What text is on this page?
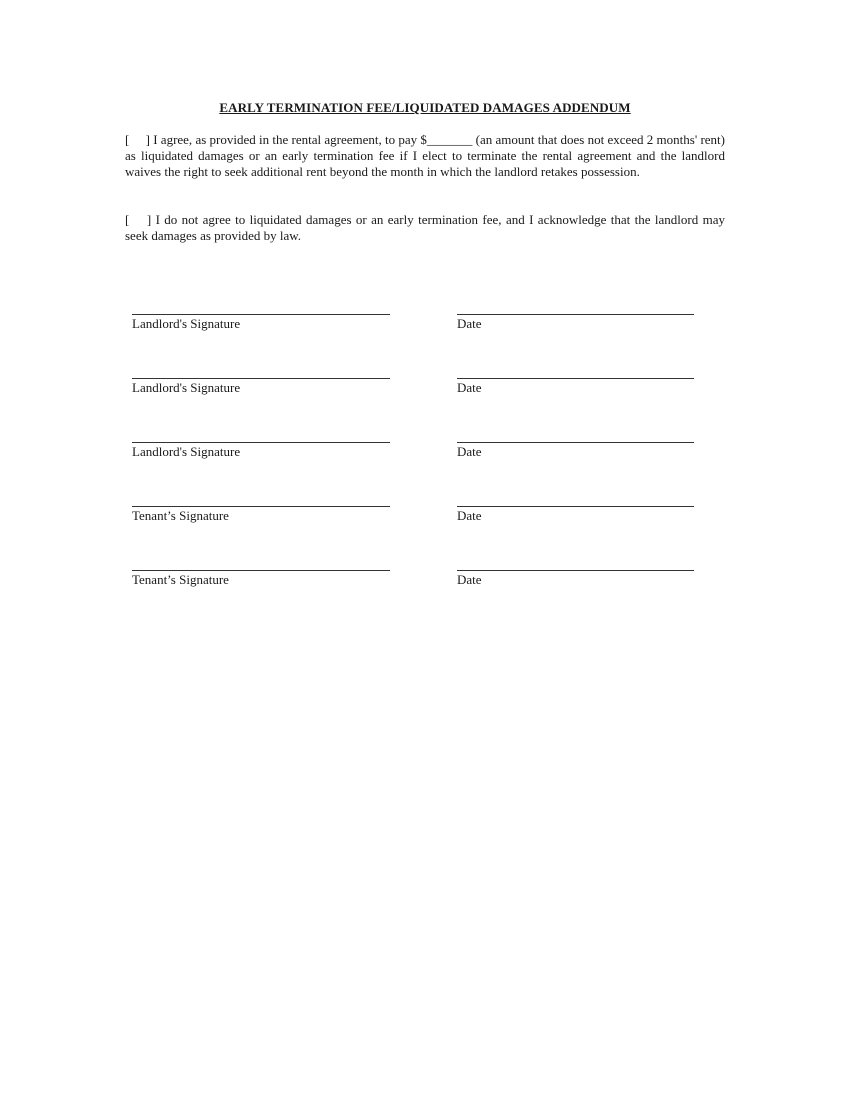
EARLY TERMINATION FEE/LIQUIDATED DAMAGES ADDENDUM
[     ] I agree, as provided in the rental agreement, to pay $_______ (an amount that does not exceed 2 months' rent) as liquidated damages or an early termination fee if I elect to terminate the rental agreement and the landlord waives the right to seek additional rent beyond the month in which the landlord retakes possession.
[    ] I do not agree to liquidated damages or an early termination fee, and I acknowledge that the landlord may seek damages as provided by law.
Landlord's Signature	Date
Landlord's Signature	Date
Landlord's Signature	Date
Tenant’s Signature	Date
Tenant’s Signature	Date
